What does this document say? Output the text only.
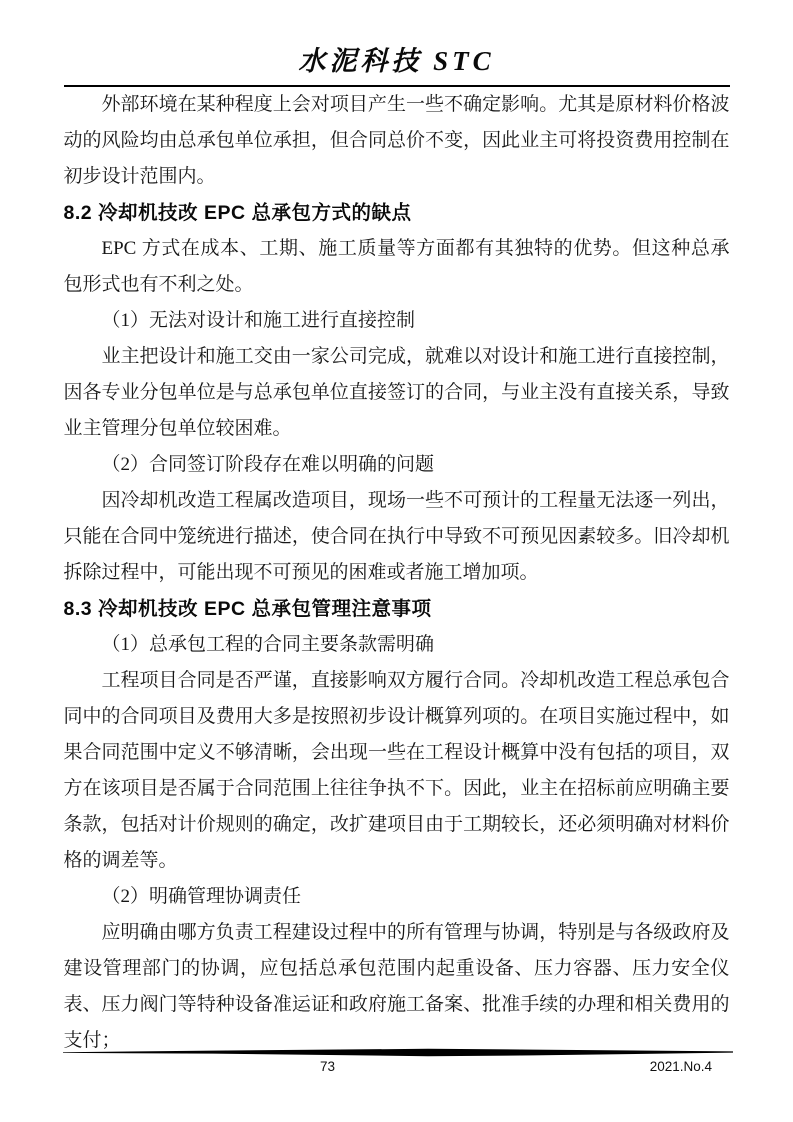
水泥科技 STC

外部环境在某种程度上会对项目产生一些不确定影响。尤其是原材料价格波动的风险均由总承包单位承担，但合同总价不变，因此业主可将投资费用控制在初步设计范围内。

8.2 冷却机技改 EPC 总承包方式的缺点

EPC 方式在成本、工期、施工质量等方面都有其独特的优势。但这种总承包形式也有不利之处。

（1）无法对设计和施工进行直接控制

业主把设计和施工交由一家公司完成，就难以对设计和施工进行直接控制，因各专业分包单位是与总承包单位直接签订的合同，与业主没有直接关系，导致业主管理分包单位较困难。

（2）合同签订阶段存在难以明确的问题

因冷却机改造工程属改造项目，现场一些不可预计的工程量无法逐一列出，只能在合同中笼统进行描述，使合同在执行中导致不可预见因素较多。旧冷却机拆除过程中，可能出现不可预见的困难或者施工增加项。

8.3 冷却机技改 EPC 总承包管理注意事项

（1）总承包工程的合同主要条款需明确

工程项目合同是否严谨，直接影响双方履行合同。冷却机改造工程总承包合同中的合同项目及费用大多是按照初步设计概算列项的。在项目实施过程中，如果合同范围中定义不够清晰，会出现一些在工程设计概算中没有包括的项目，双方在该项目是否属于合同范围上往往争执不下。因此，业主在招标前应明确主要条款，包括对计价规则的确定，改扩建项目由于工期较长，还必须明确对材料价格的调差等。

（2）明确管理协调责任

应明确由哪方负责工程建设过程中的所有管理与协调，特别是与各级政府及建设管理部门的协调，应包括总承包范围内起重设备、压力容器、压力安全仪表、压力阀门等特种设备准运证和政府施工备案、批准手续的办理和相关费用的支付；

73	2021.No.4
